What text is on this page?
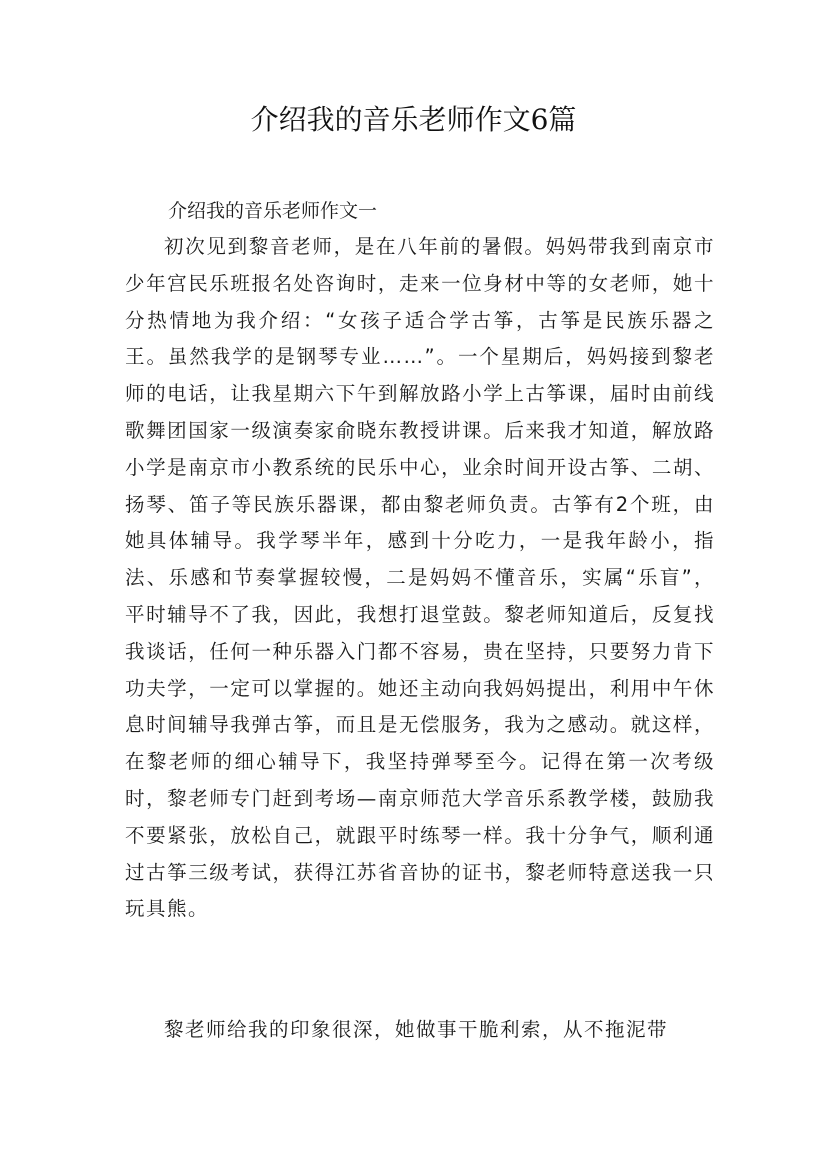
介绍我的音乐老师作文6篇

介绍我的音乐老师作文一

初次见到黎音老师，是在八年前的暑假。妈妈带我到南京市少年宫民乐班报名处咨询时，走来一位身材中等的女老师，她十分热情地为我介绍：“女孩子适合学古筝，古筝是民族乐器之王。虽然我学的是钢琴专业……”。一个星期后，妈妈接到黎老师的电话，让我星期六下午到解放路小学上古筝课，届时由前线歌舞团国家一级演奏家俞晓东教授讲课。后来我才知道，解放路小学是南京市小教系统的民乐中心，业余时间开设古筝、二胡、扬琴、笛子等民族乐器课，都由黎老师负责。古筝有2个班，由她具体辅导。我学琴半年，感到十分吃力，一是我年龄小，指法、乐感和节奏掌握较慢，二是妈妈不懂音乐，实属“乐盲”，平时辅导不了我，因此，我想打退堂鼓。黎老师知道后，反复找我谈话，任何一种乐器入门都不容易，贵在坚持，只要努力肯下功夫学，一定可以掌握的。她还主动向我妈妈提出，利用中午休息时间辅导我弹古筝，而且是无偿服务，我为之感动。就这样，在黎老师的细心辅导下，我坚持弹琴至今。记得在第一次考级时，黎老师专门赶到考场—南京师范大学音乐系教学楼，鼓励我不要紧张，放松自己，就跟平时练琴一样。我十分争气，顺利通过古筝三级考试，获得江苏省音协的证书，黎老师特意送我一只玩具熊。

黎老师给我的印象很深，她做事干脆利索，从不拖泥带
